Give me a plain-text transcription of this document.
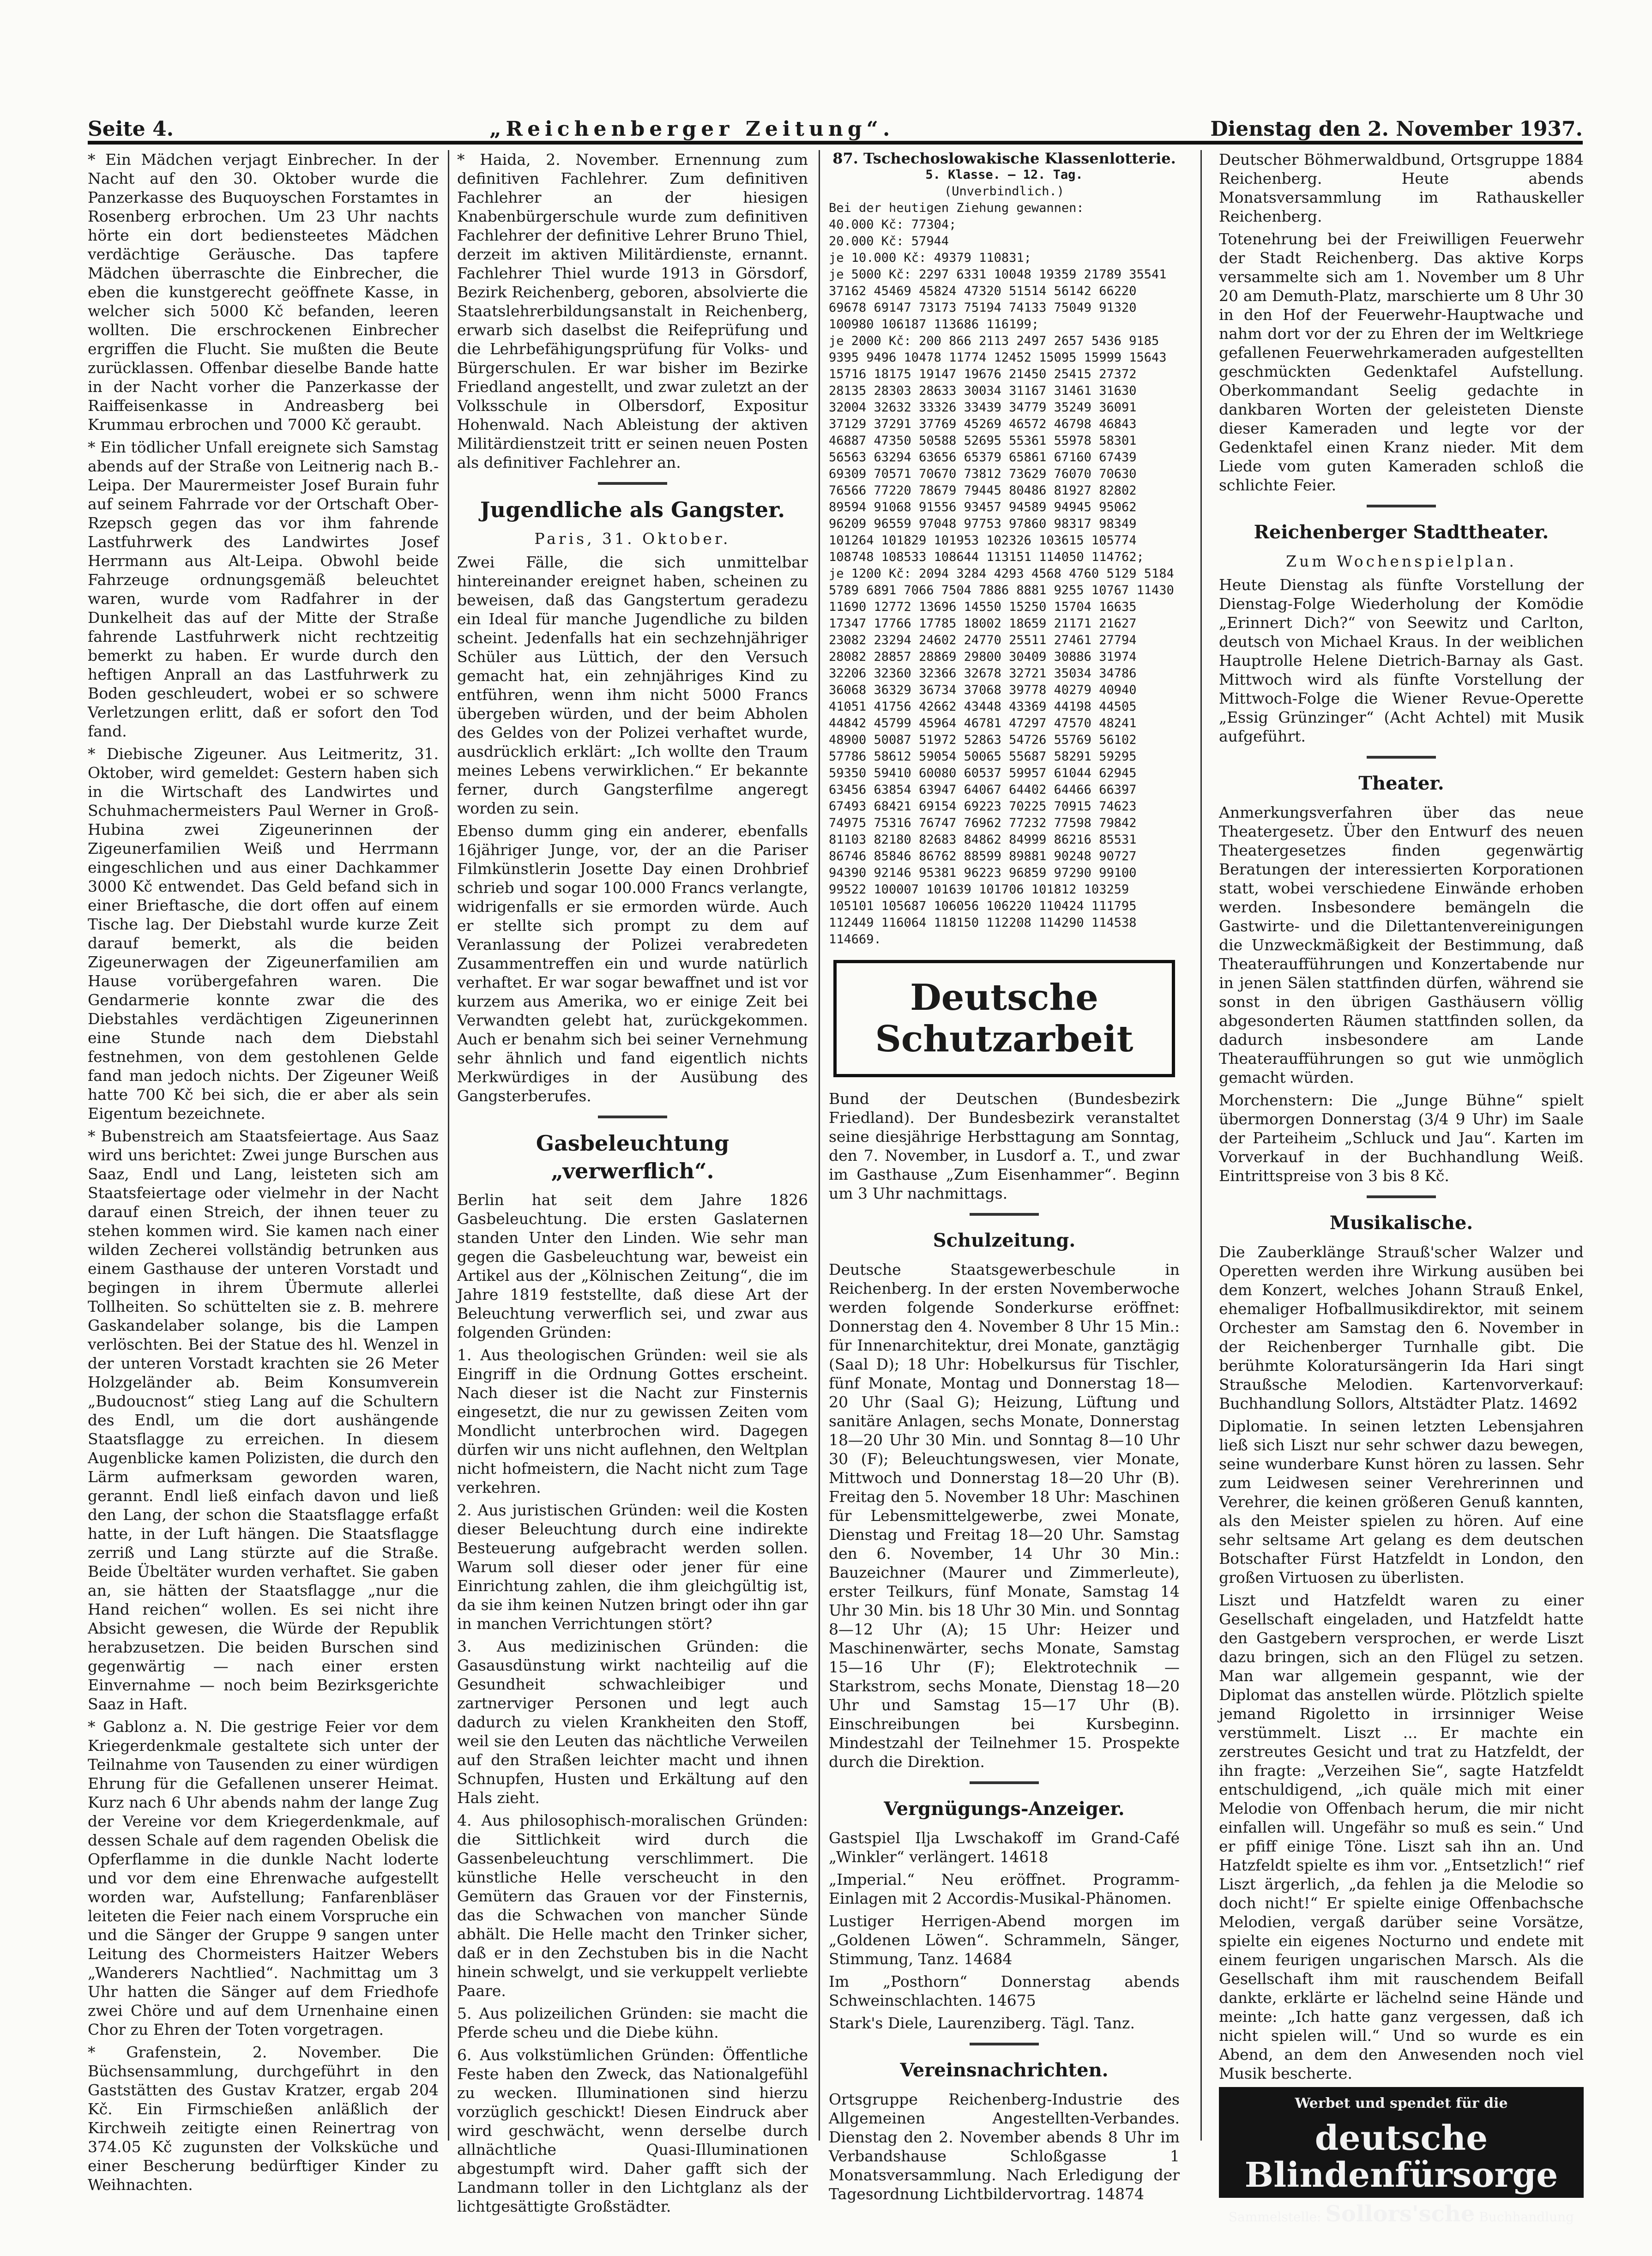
Seite 4.	„Reichenberger Zeitung“.	Dienstag den 2. November 1937.

* Ein Mädchen verjagt Einbrecher. In der Nacht auf den 30. Oktober wurde die Panzerkasse des Buquoyschen Forstamtes in Rosenberg erbrochen. Um 23 Uhr nachts hörte ein dort bediensteetes Mädchen verdächtige Geräusche. Das tapfere Mädchen überraschte die Einbrecher, die eben die kunstgerecht geöffnete Kasse, in welcher sich 5000 Kč befanden, leeren wollten. Die erschrockenen Einbrecher ergriffen die Flucht. Sie mußten die Beute zurücklassen. Offenbar dieselbe Bande hatte in der Nacht vorher die Panzerkasse der Raiffeisenkasse in Andreasberg bei Krummau erbrochen und 7000 Kč geraubt.

* Ein tödlicher Unfall ereignete sich Samstag abends auf der Straße von Leitnerig nach B.-Leipa. Der Maurermeister Josef Burain fuhr auf seinem Fahrrade vor der Ortschaft Ober-Rzepsch gegen das vor ihm fahrende Lastfuhrwerk des Landwirtes Josef Herrmann aus Alt-Leipa. Obwohl beide Fahrzeuge ordnungsgemäß beleuchtet waren, wurde vom Radfahrer in der Dunkelheit das auf der Mitte der Straße fahrende Lastfuhrwerk nicht rechtzeitig bemerkt zu haben. Er wurde durch den heftigen Anprall an das Lastfuhrwerk zu Boden geschleudert, wobei er so schwere Verletzungen erlitt, daß er sofort den Tod fand.

* Diebische Zigeuner. Aus Leitmeritz, 31. Oktober, wird gemeldet: Gestern haben sich in die Wirtschaft des Landwirtes und Schuhmachermeisters Paul Werner in Groß-Hubina zwei Zigeunerinnen der Zigeunerfamilien Weiß und Herrmann eingeschlichen und aus einer Dachkammer 3000 Kč entwendet. Das Geld befand sich in einer Brieftasche, die dort offen auf einem Tische lag. Der Diebstahl wurde kurze Zeit darauf bemerkt, als die beiden Zigeunerwagen der Zigeunerfamilien am Hause vorübergefahren waren. Die Gendarmerie konnte zwar die des Diebstahles verdächtigen Zigeunerinnen eine Stunde nach dem Diebstahl festnehmen, von dem gestohlenen Gelde fand man jedoch nichts. Der Zigeuner Weiß hatte 700 Kč bei sich, die er aber als sein Eigentum bezeichnete.

* Bubenstreich am Staatsfeiertage. Aus Saaz wird uns berichtet: Zwei junge Burschen aus Saaz, Endl und Lang, leisteten sich am Staatsfeiertage oder vielmehr in der Nacht darauf einen Streich, der ihnen teuer zu stehen kommen wird. Sie kamen nach einer wilden Zecherei vollständig betrunken aus einem Gasthause der unteren Vorstadt und begingen in ihrem Übermute allerlei Tollheiten. So schüttelten sie z. B. mehrere Gaskandelaber solange, bis die Lampen verlöschten. Bei der Statue des hl. Wenzel in der unteren Vorstadt krachten sie 26 Meter Holzgeländer ab. Beim Konsumverein „Budoucnost“ stieg Lang auf die Schultern des Endl, um die dort aushängende Staatsflagge zu erreichen. In diesem Augenblicke kamen Polizisten, die durch den Lärm aufmerksam geworden waren, gerannt. Endl ließ einfach davon und ließ den Lang, der schon die Staatsflagge erfaßt hatte, in der Luft hängen. Die Staatsflagge zerriß und Lang stürzte auf die Straße. Beide Übeltäter wurden verhaftet. Sie gaben an, sie hätten der Staatsflagge „nur die Hand reichen“ wollen. Es sei nicht ihre Absicht gewesen, die Würde der Republik herabzusetzen. Die beiden Burschen sind gegenwärtig — nach einer ersten Einvernahme — noch beim Bezirksgerichte Saaz in Haft.

* Gablonz a. N. Die gestrige Feier vor dem Kriegerdenkmale gestaltete sich unter der Teilnahme von Tausenden zu einer würdigen Ehrung für die Gefallenen unserer Heimat. Kurz nach 6 Uhr abends nahm der lange Zug der Vereine vor dem Kriegerdenkmale, auf dessen Schale auf dem ragenden Obelisk die Opferflamme in die dunkle Nacht loderte und vor dem eine Ehrenwache aufgestellt worden war, Aufstellung; Fanfarenbläser leiteten die Feier nach einem Vorspruche ein und die Sänger der Gruppe 9 sangen unter Leitung des Chormeisters Haitzer Webers „Wanderers Nachtlied“. Nachmittag um 3 Uhr hatten die Sänger auf dem Friedhofe zwei Chöre und auf dem Urnenhaine einen Chor zu Ehren der Toten vorgetragen.

* Grafenstein, 2. November. Die Büchsensammlung, durchgeführt in den Gaststätten des Gustav Kratzer, ergab 204 Kč. Ein Firmschießen anläßlich der Kirchweih zeitigte einen Reinertrag von 374.05 Kč zugunsten der Volksküche und einer Bescherung bedürftiger Kinder zu Weihnachten.

* Haida, 2. November. Ernennung zum definitiven Fachlehrer. Zum definitiven Fachlehrer an der hiesigen Knabenbürgerschule wurde zum definitiven Fachlehrer der definitive Lehrer Bruno Thiel, derzeit im aktiven Militärdienste, ernannt. Fachlehrer Thiel wurde 1913 in Görsdorf, Bezirk Reichenberg, geboren, absolvierte die Staatslehrerbildungsanstalt in Reichenberg, erwarb sich daselbst die Reifeprüfung und die Lehrbefähigungsprüfung für Volks- und Bürgerschulen. Er war bisher im Bezirke Friedland angestellt, und zwar zuletzt an der Volksschule in Olbersdorf, Expositur Hohenwald. Nach Ableistung der aktiven Militärdienstzeit tritt er seinen neuen Posten als definitiver Fachlehrer an.

Jugendliche als Gangster.
Paris, 31. Oktober.

Zwei Fälle, die sich unmittelbar hintereinander ereignet haben, scheinen zu beweisen, daß das Gangstertum geradezu ein Ideal für manche Jugendliche zu bilden scheint. Jedenfalls hat ein sechzehnjähriger Schüler aus Lüttich, der den Versuch gemacht hat, ein zehnjähriges Kind zu entführen, wenn ihm nicht 5000 Francs übergeben würden, und der beim Abholen des Geldes von der Polizei verhaftet wurde, ausdrücklich erklärt: „Ich wollte den Traum meines Lebens verwirklichen.“ Er bekannte ferner, durch Gangsterfilme angeregt worden zu sein.

Ebenso dumm ging ein anderer, ebenfalls 16jähriger Junge, vor, der an die Pariser Filmkünstlerin Josette Day einen Drohbrief schrieb und sogar 100.000 Francs verlangte, widrigenfalls er sie ermorden würde. Auch er stellte sich prompt zu dem auf Veranlassung der Polizei verabredeten Zusammentreffen ein und wurde natürlich verhaftet. Er war sogar bewaffnet und ist vor kurzem aus Amerika, wo er einige Zeit bei Verwandten gelebt hat, zurückgekommen. Auch er benahm sich bei seiner Vernehmung sehr ähnlich und fand eigentlich nichts Merkwürdiges in der Ausübung des Gangsterberufes.

Gasbeleuchtung „verwerflich“.

Berlin hat seit dem Jahre 1826 Gasbeleuchtung. Die ersten Gaslaternen standen Unter den Linden. Wie sehr man gegen die Gasbeleuchtung war, beweist ein Artikel aus der „Kölnischen Zeitung“, die im Jahre 1819 feststellte, daß diese Art der Beleuchtung verwerflich sei, und zwar aus folgenden Gründen:

1. Aus theologischen Gründen: weil sie als Eingriff in die Ordnung Gottes erscheint. Nach dieser ist die Nacht zur Finsternis eingesetzt, die nur zu gewissen Zeiten vom Mondlicht unterbrochen wird. Dagegen dürfen wir uns nicht auflehnen, den Weltplan nicht hofmeistern, die Nacht nicht zum Tage verkehren.

2. Aus juristischen Gründen: weil die Kosten dieser Beleuchtung durch eine indirekte Besteuerung aufgebracht werden sollen. Warum soll dieser oder jener für eine Einrichtung zahlen, die ihm gleichgültig ist, da sie ihm keinen Nutzen bringt oder ihn gar in manchen Verrichtungen stört?

3. Aus medizinischen Gründen: die Gasausdünstung wirkt nachteilig auf die Gesundheit schwachleibiger und zartnerviger Personen und legt auch dadurch zu vielen Krankheiten den Stoff, weil sie den Leuten das nächtliche Verweilen auf den Straßen leichter macht und ihnen Schnupfen, Husten und Erkältung auf den Hals zieht.

4. Aus philosophisch-moralischen Gründen: die Sittlichkeit wird durch die Gassenbeleuchtung verschlimmert. Die künstliche Helle verscheucht in den Gemütern das Grauen vor der Finsternis, das die Schwachen von mancher Sünde abhält. Die Helle macht den Trinker sicher, daß er in den Zechstuben bis in die Nacht hinein schwelgt, und sie verkuppelt verliebte Paare.

5. Aus polizeilichen Gründen: sie macht die Pferde scheu und die Diebe kühn.

6. Aus volkstümlichen Gründen: Öffentliche Feste haben den Zweck, das Nationalgefühl zu wecken. Illuminationen sind hierzu vorzüglich geschickt! Diesen Eindruck aber wird geschwächt, wenn derselbe durch allnächtliche Quasi-Illuminationen abgestumpft wird. Daher gafft sich der Landmann toller in den Lichtglanz als der lichtgesättigte Großstädter.

87. Tschechoslowakische Klassenlotterie.
5. Klasse. — 12. Tag.
(Unverbindlich.)
Bei der heutigen Ziehung gewannen:
40.000 Kč: 77304;
20.000 Kč: 57944
je 10.000 Kč: 49379 110831;
je 5000 Kč: 2297 6331 10048 19359 21789 35541 37162 45469 45824 47320 51514 56142 66220 69678 69147 73173 75194 74133 75049 91320 100980 106187 113686 116199;
je 2000 Kč: 200 866 2113 2497 2657 5436 9185 9395 9496 10478 11774 12452 15095 15999 15643 15716 18175 19147 19676 21450 25415 27372 28135 28303 28633 30034 31167 31461 31630 32004 32632 33326 33439 34779 35249 36091 37129 37291 37769 45269 46572 46798 46843 46887 47350 50588 52695 55361 55978 58301 56563 63294 63656 65379 65861 67160 67439 69309 70571 70670 73812 73629 76070 70630 76566 77220 78679 79445 80486 81927 82802 89594 91068 91556 93457 94589 94945 95062 96209 96559 97048 97753 97860 98317 98349 101264 101829 101953 102326 103615 105774 108748 108533 108644 113151 114050 114762;
je 1200 Kč: 2094 3284 4293 4568 4760 5129 5184 5789 6891 7066 7504 7886 8881 9255 10767 11430 11690 12772 13696 14550 15250 15704 16635 17347 17766 17785 18002 18659 21171 21627 23082 23294 24602 24770 25511 27461 27794 28082 28857 28869 29800 30409 30886 31974 32206 32360 32366 32678 32721 35034 34786 36068 36329 36734 37068 39778 40279 40940 41051 41756 42662 43448 43369 44198 44505 44842 45799 45964 46781 47297 47570 48241 48900 50087 51972 52863 54726 55769 56102 57786 58612 59054 50065 55687 58291 59295 59350 59410 60080 60537 59957 61044 62945 63456 63854 63947 64067 64402 64466 66397 67493 68421 69154 69223 70225 70915 74623 74975 75316 76747 76962 77232 77598 79842 81103 82180 82683 84862 84999 86216 85531 86746 85846 86762 88599 89881 90248 90727 94390 92146 95381 96223 96859 97290 99100 99522 100007 101639 101706 101812 103259 105101 105687 106056 106220 110424 111795 112449 116064 118150 112208 114290 114538 114669.
Deutsche Schutzarbeit

Bund der Deutschen (Bundesbezirk Friedland). Der Bundesbezirk veranstaltet seine diesjährige Herbsttagung am Sonntag, den 7. November, in Lusdorf a. T., und zwar im Gasthause „Zum Eisenhammer“. Beginn um 3 Uhr nachmittags.

Schulzeitung.

Deutsche Staatsgewerbeschule in Reichenberg. In der ersten Novemberwoche werden folgende Sonderkurse eröffnet: Donnerstag den 4. November 8 Uhr 15 Min.: für Innenarchitektur, drei Monate, ganztägig (Saal D); 18 Uhr: Hobelkursus für Tischler, fünf Monate, Montag und Donnerstag 18—20 Uhr (Saal G); Heizung, Lüftung und sanitäre Anlagen, sechs Monate, Donnerstag 18—20 Uhr 30 Min. und Sonntag 8—10 Uhr 30 (F); Beleuchtungswesen, vier Monate, Mittwoch und Donnerstag 18—20 Uhr (B). Freitag den 5. November 18 Uhr: Maschinen für Lebensmittelgewerbe, zwei Monate, Dienstag und Freitag 18—20 Uhr. Samstag den 6. November, 14 Uhr 30 Min.: Bauzeichner (Maurer und Zimmerleute), erster Teilkurs, fünf Monate, Samstag 14 Uhr 30 Min. bis 18 Uhr 30 Min. und Sonntag 8—12 Uhr (A); 15 Uhr: Heizer und Maschinenwärter, sechs Monate, Samstag 15—16 Uhr (F); Elektrotechnik — Starkstrom, sechs Monate, Dienstag 18—20 Uhr und Samstag 15—17 Uhr (B). Einschreibungen bei Kursbeginn. Mindestzahl der Teilnehmer 15. Prospekte durch die Direktion.

Vergnügungs-Anzeiger.

Gastspiel Ilja Lwschakoff im Grand-Café „Winkler“ verlängert. 14618

„Imperial.“ Neu eröffnet. Programm-Einlagen mit 2 Accordis-Musikal-Phänomen.

Lustiger Herrigen-Abend morgen im „Goldenen Löwen“. Schrammeln, Sänger, Stimmung, Tanz. 14684

Im „Posthorn“ Donnerstag abends Schweinschlachten. 14675

Stark's Diele, Laurenziberg. Tägl. Tanz.

Vereinsnachrichten.

Ortsgruppe Reichenberg-Industrie des Allgemeinen Angestellten-Verbandes. Dienstag den 2. November abends 8 Uhr im Verbandshause Schloßgasse 1 Monatsversammlung. Nach Erledigung der Tagesordnung Lichtbildervortrag. 14874

Deutscher Böhmerwaldbund, Ortsgruppe 1884 Reichenberg. Heute abends Monatsversammlung im Rathauskeller Reichenberg.

Totenehrung bei der Freiwilligen Feuerwehr der Stadt Reichenberg. Das aktive Korps versammelte sich am 1. November um 8 Uhr 20 am Demuth-Platz, marschierte um 8 Uhr 30 in den Hof der Feuerwehr-Hauptwache und nahm dort vor der zu Ehren der im Weltkriege gefallenen Feuerwehrkameraden aufgestellten geschmückten Gedenktafel Aufstellung. Oberkommandant Seelig gedachte in dankbaren Worten der geleisteten Dienste dieser Kameraden und legte vor der Gedenktafel einen Kranz nieder. Mit dem Liede vom guten Kameraden schloß die schlichte Feier.

Reichenberger Stadttheater.
Zum Wochenspielplan.

Heute Dienstag als fünfte Vorstellung der Dienstag-Folge Wiederholung der Komödie „Erinnert Dich?“ von Seewitz und Carlton, deutsch von Michael Kraus. In der weiblichen Hauptrolle Helene Dietrich-Barnay als Gast. Mittwoch wird als fünfte Vorstellung der Mittwoch-Folge die Wiener Revue-Operette „Essig Grünzinger“ (Acht Achtel) mit Musik aufgeführt.

Theater.

Anmerkungsverfahren über das neue Theatergesetz. Über den Entwurf des neuen Theatergesetzes finden gegenwärtig Beratungen der interessierten Korporationen statt, wobei verschiedene Einwände erhoben werden. Insbesondere bemängeln die Gastwirte- und die Dilettantenvereinigungen die Unzweckmäßigkeit der Bestimmung, daß Theateraufführungen und Konzertabende nur in jenen Sälen stattfinden dürfen, während sie sonst in den übrigen Gasthäusern völlig abgesonderten Räumen stattfinden sollen, da dadurch insbesondere am Lande Theateraufführungen so gut wie unmöglich gemacht würden.

Morchenstern: Die „Junge Bühne“ spielt übermorgen Donnerstag (3/4 9 Uhr) im Saale der Parteiheim „Schluck und Jau“. Karten im Vorverkauf in der Buchhandlung Weiß. Eintrittspreise von 3 bis 8 Kč.

Musikalische.

Die Zauberklänge Strauß'scher Walzer und Operetten werden ihre Wirkung ausüben bei dem Konzert, welches Johann Strauß Enkel, ehemaliger Hofballmusikdirektor, mit seinem Orchester am Samstag den 6. November in der Reichenberger Turnhalle gibt. Die berühmte Koloratursängerin Ida Hari singt Straußsche Melodien. Kartenvorverkauf: Buchhandlung Sollors, Altstädter Platz. 14692

Diplomatie. In seinen letzten Lebensjahren ließ sich Liszt nur sehr schwer dazu bewegen, seine wunderbare Kunst hören zu lassen. Sehr zum Leidwesen seiner Verehrerinnen und Verehrer, die keinen größeren Genuß kannten, als den Meister spielen zu hören. Auf eine sehr seltsame Art gelang es dem deutschen Botschafter Fürst Hatzfeldt in London, den großen Virtuosen zu überlisten.

Liszt und Hatzfeldt waren zu einer Gesellschaft eingeladen, und Hatzfeldt hatte den Gastgebern versprochen, er werde Liszt dazu bringen, sich an den Flügel zu setzen. Man war allgemein gespannt, wie der Diplomat das anstellen würde. Plötzlich spielte jemand Rigoletto in irrsinniger Weise verstümmelt. Liszt ... Er machte ein zerstreutes Gesicht und trat zu Hatzfeldt, der ihn fragte: „Verzeihen Sie“, sagte Hatzfeldt entschuldigend, „ich quäle mich mit einer Melodie von Offenbach herum, die mir nicht einfallen will. Ungefähr so muß es sein.“ Und er pfiff einige Töne. Liszt sah ihn an. Und Hatzfeldt spielte es ihm vor. „Entsetzlich!“ rief Liszt ärgerlich, „da fehlen ja die Melodie so doch nicht!“ Er spielte einige Offenbachsche Melodien, vergaß darüber seine Vorsätze, spielte ein eigenes Nocturno und endete mit einem feurigen ungarischen Marsch. Als die Gesellschaft ihm mit rauschendem Beifall dankte, erklärte er lächelnd seine Hände und meinte: „Ich hatte ganz vergessen, daß ich nicht spielen will.“ Und so wurde es ein Abend, an dem den Anwesenden noch viel Musik bescherte.

Werbet und spendet für die
deutsche Blindenfürsorge
Sammelstelle: Sollors'sche Buchhandlung
